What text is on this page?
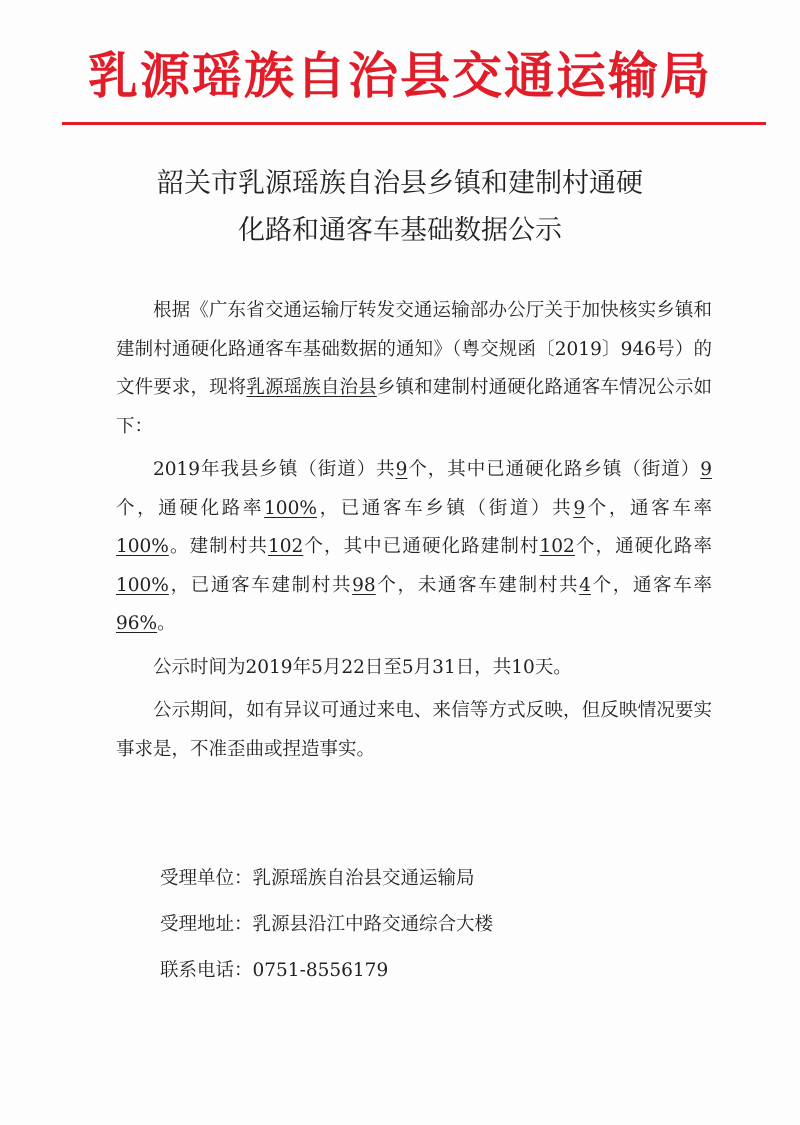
乳源瑶族自治县交通运输局
韶关市乳源瑶族自治县乡镇和建制村通硬
化路和通客车基础数据公示

根据《广东省交通运输厅转发交通运输部办公厅关于加快核实乡镇和建制村通硬化路通客车基础数据的通知》（粤交规函〔2019〕946号）的文件要求，现将乳源瑶族自治县乡镇和建制村通硬化路通客车情况公示如下：

2019年我县乡镇（街道）共9个，其中已通硬化路乡镇（街道）9个，通硬化路率100%，已通客车乡镇（街道）共9个，通客车率100%。建制村共102个，其中已通硬化路建制村102个，通硬化路率100%，已通客车建制村共98个，未通客车建制村共4个，通客车率96%。

公示时间为2019年5月22日至5月31日，共10天。

公示期间，如有异议可通过来电、来信等方式反映，但反映情况要实事求是，不准歪曲或捏造事实。

受理单位：乳源瑶族自治县交通运输局
受理地址：乳源县沿江中路交通综合大楼
联系电话：0751-8556179
